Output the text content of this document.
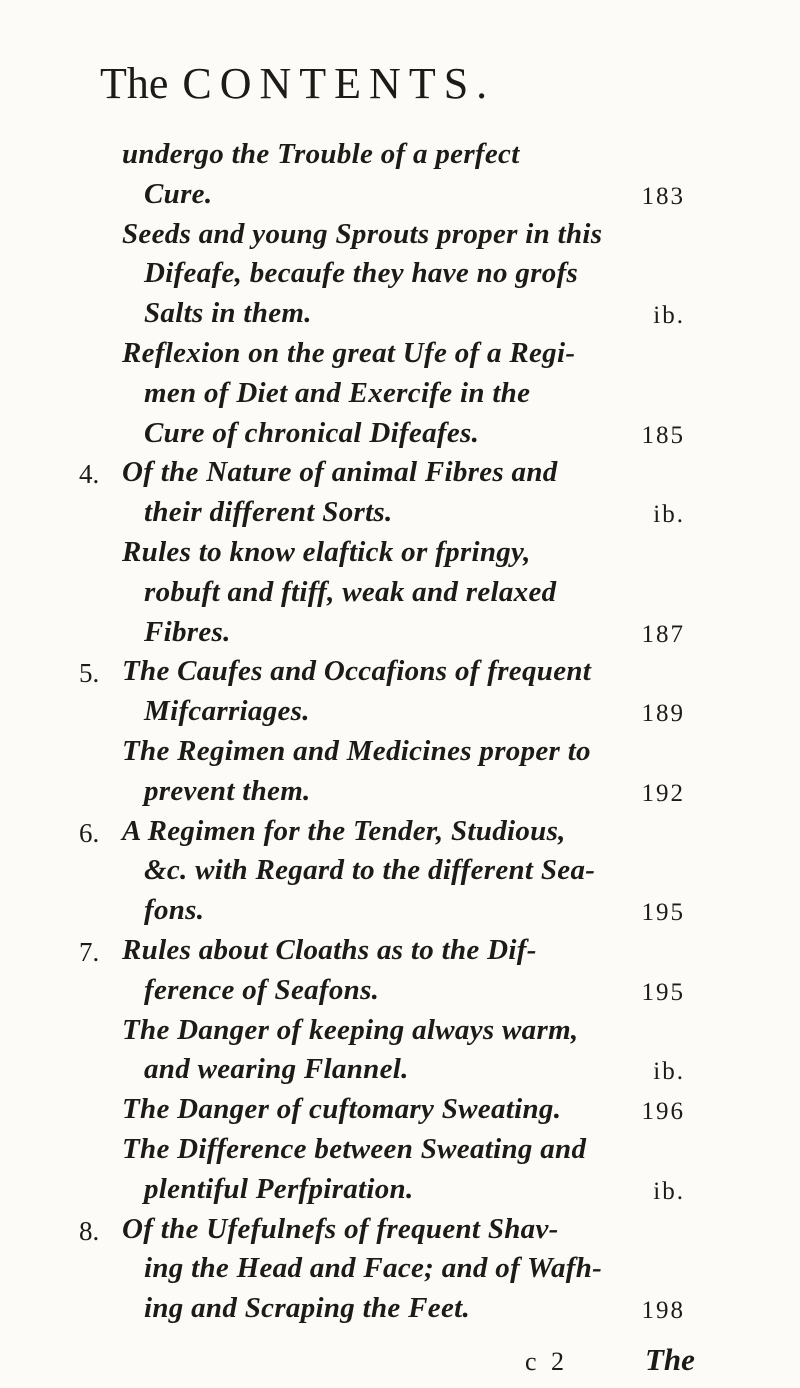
The CONTENTS.
undergo the Trouble of a perfect
Cure.	183
Seeds and young Sprouts proper in this
Difeafe, becaufe they have no grofs
Salts in them.	ib.
Reflexion on the great Ufe of a Regi-
men of Diet and Exercife in the
Cure of chronical Difeafes.	185
4. Of the Nature of animal Fibres and
their different Sorts.	ib.
Rules to know elaftick or fpringy,
robuft and ftiff, weak and relaxed
Fibres.	187
5. The Caufes and Occafions of frequent
Mifcarriages.	189
The Regimen and Medicines proper to
prevent them.	192
6. A Regimen for the Tender, Studious,
&c. with Regard to the different Sea-
fons.	195
7. Rules about Cloaths as to the Dif-
ference of Seafons.	195
The Danger of keeping always warm,
and wearing Flannel.	ib.
The Danger of cuftomary Sweating.	196
The Difference between Sweating and
plentiful Perfpiration.	ib.
8. Of the Ufefulnefs of frequent Shav-
ing the Head and Face; and of Wafh-
ing and Scraping the Feet.	198
c 2 The
